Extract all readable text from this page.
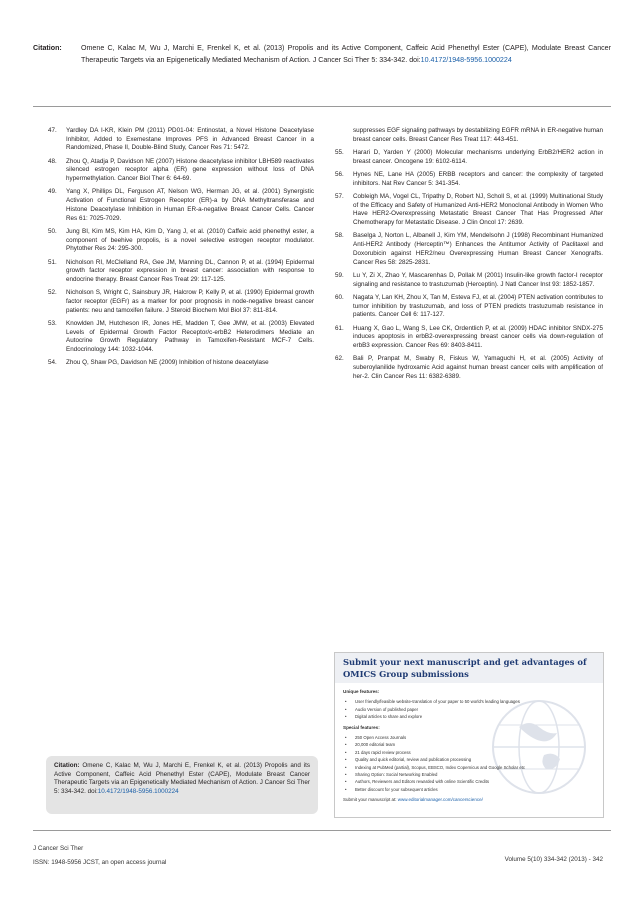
Citation:	Omene C, Kalac M, Wu J, Marchi E, Frenkel K, et al. (2013) Propolis and its Active Component, Caffeic Acid Phenethyl Ester (CAPE), Modulate Breast Cancer Therapeutic Targets via an Epigenetically Mediated Mechanism of Action. J Cancer Sci Ther 5: 334-342. doi:10.4172/1948-5956.1000224
47.	Yardley DA I-KR, Klein PM (2011) PD01-04: Entinostat, a Novel Histone Deacetylase Inhibitor, Added to Exemestane Improves PFS in Advanced Breast Cancer in a Randomized, Phase II, Double-Blind Study, Cancer Res 71: 5472.
48.	Zhou Q, Atadja P, Davidson NE (2007) Histone deacetylase inhibitor LBH589 reactivates silenced estrogen receptor alpha (ER) gene expression without loss of DNA hypermethylation. Cancer Biol Ther 6: 64-69.
49.	Yang X, Phillips DL, Ferguson AT, Nelson WG, Herman JG, et al. (2001) Synergistic Activation of Functional Estrogen Receptor (ER)-a by DNA Methyltransferase and Histone Deacetylase Inhibition in Human ER-a-negative Breast Cancer Cells. Cancer Res 61: 7025-7029.
50.	Jung BI, Kim MS, Kim HA, Kim D, Yang J, et al. (2010) Caffeic acid phenethyl ester, a component of beehive propolis, is a novel selective estrogen receptor modulator. Phytother Res 24: 295-300.
51.	Nicholson RI, McClelland RA, Gee JM, Manning DL, Cannon P, et al. (1994) Epidermal growth factor receptor expression in breast cancer: association with response to endocrine therapy. Breast Cancer Res Treat 29: 117-125.
52.	Nicholson S, Wright C, Sainsbury JR, Halcrow P, Kelly P, et al. (1990) Epidermal growth factor receptor (EGFr) as a marker for poor prognosis in node-negative breast cancer patients: neu and tamoxifen failure. J Steroid Biochem Mol Biol 37: 811-814.
53.	Knowlden JM, Hutcheson IR, Jones HE, Madden T, Gee JMW, et al. (2003) Elevated Levels of Epidermal Growth Factor Receptor/c-erbB2 Heterodimers Mediate an Autocrine Growth Regulatory Pathway in Tamoxifen-Resistant MCF-7 Cells. Endocrinology 144: 1032-1044.
54.	Zhou Q, Shaw PG, Davidson NE (2009) Inhibition of histone deacetylase
suppresses EGF signaling pathways by destabilizing EGFR mRNA in ER-negative human breast cancer cells. Breast Cancer Res Treat 117: 443-451.
55.	Harari D, Yarden Y (2000) Molecular mechanisms underlying ErbB2/HER2 action in breast cancer. Oncogene 19: 6102-6114.
56.	Hynes NE, Lane HA (2005) ERBB receptors and cancer: the complexity of targeted inhibitors. Nat Rev Cancer 5: 341-354.
57.	Cobleigh MA, Vogel CL, Tripathy D, Robert NJ, Scholl S, et al. (1999) Multinational Study of the Efficacy and Safety of Humanized Anti-HER2 Monoclonal Antibody in Women Who Have HER2-Overexpressing Metastatic Breast Cancer That Has Progressed After Chemotherapy for Metastatic Disease. J Clin Oncol 17: 2639.
58.	Baselga J, Norton L, Albanell J, Kim YM, Mendelsohn J (1998) Recombinant Humanized Anti-HER2 Antibody (Herceptin™) Enhances the Antitumor Activity of Paclitaxel and Doxorubicin against HER2/neu Overexpressing Human Breast Cancer Xenografts. Cancer Res 58: 2825-2831.
59.	Lu Y, Zi X, Zhao Y, Mascarenhas D, Pollak M (2001) Insulin-like growth factor-I receptor signaling and resistance to trastuzumab (Herceptin). J Natl Cancer Inst 93: 1852-1857.
60.	Nagata Y, Lan KH, Zhou X, Tan M, Esteva FJ, et al. (2004) PTEN activation contributes to tumor inhibition by trastuzumab, and loss of PTEN predicts trastuzumab resistance in patients. Cancer Cell 6: 117-127.
61.	Huang X, Gao L, Wang S, Lee CK, Ordentlich P, et al. (2009) HDAC inhibitor SNDX-275 induces apoptosis in erbB2-overexpressing breast cancer cells via down-regulation of erbB3 expression. Cancer Res 69: 8403-8411.
62.	Bali P, Pranpat M, Swaby R, Fiskus W, Yamaguchi H, et al. (2005) Activity of suberoylanilide hydroxamic Acid against human breast cancer cells with amplification of her-2. Clin Cancer Res 11: 6382-6389.
Submit your next manuscript and get advantages of OMICS Group submissions
Unique features:
• User friendly/feasible website-translation of your paper to 50 world's leading languages
• Audio Version of published paper
• Digital articles to share and explore
Special features:
• 250 Open Access Journals
• 20,000 editorial team
• 21 days rapid review process
• Quality and quick editorial, review and publication processing
• Indexing at PubMed (partial), Scopus, EBSCO, Index Copernicus and Google Scholar etc
• Sharing Option: Social Networking Enabled
• Authors, Reviewers and Editors rewarded with online Scientific Credits
• Better discount for your subsequent articles
Submit your manuscript at: www.editorialmanager.com/cancerscience/
Citation: Omene C, Kalac M, Wu J, Marchi E, Frenkel K, et al. (2013) Propolis and its Active Component, Caffeic Acid Phenethyl Ester (CAPE), Modulate Breast Cancer Therapeutic Targets via an Epigenetically Mediated Mechanism of Action. J Cancer Sci Ther 5: 334-342. doi:10.4172/1948-5956.1000224
J Cancer Sci Ther
ISSN: 1948-5956 JCST, an open access journal	Volume 5(10) 334-342 (2013) - 342
